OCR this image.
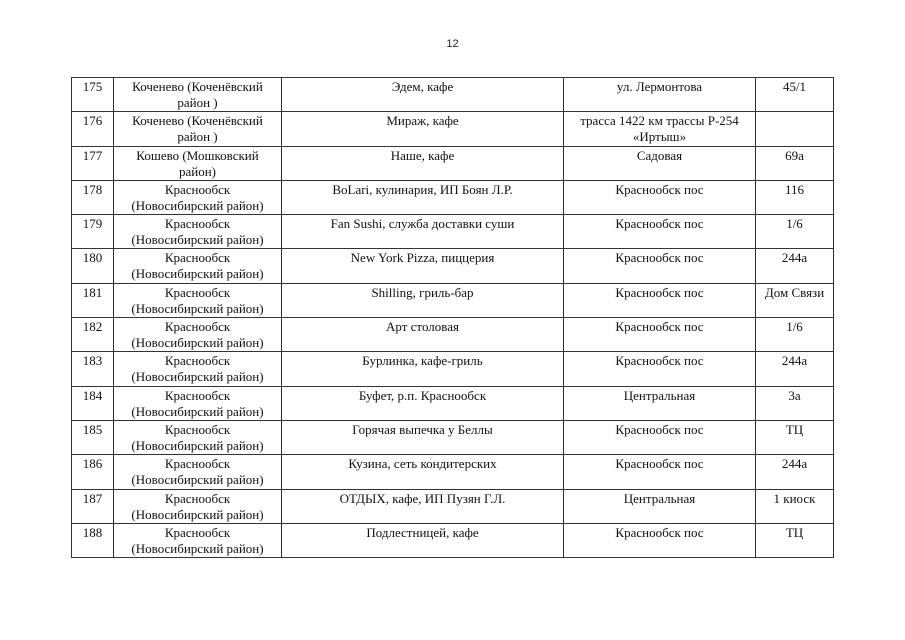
12
175	Коченево (Коченёвский район )	Эдем, кафе	ул. Лермонтова	45/1
176	Коченево (Коченёвский район )	Мираж, кафе	трасса 1422 км трассы Р-254 «Иртыш»	
177	Кошево (Мошковский район)	Наше, кафе	Садовая	69а
178	Краснообск (Новосибирский район)	BoLari, кулинария, ИП Боян Л.Р.	Краснообск пос	116
179	Краснообск (Новосибирский район)	Fan Sushi, служба доставки суши	Краснообск пос	1/6
180	Краснообск (Новосибирский район)	New York Pizza, пиццерия	Краснообск пос	244а
181	Краснообск (Новосибирский район)	Shilling, гриль-бар	Краснообск пос	Дом Связи
182	Краснообск (Новосибирский район)	Арт столовая	Краснообск пос	1/6
183	Краснообск (Новосибирский район)	Бурлинка, кафе-гриль	Краснообск пос	244а
184	Краснообск (Новосибирский район)	Буфет, р.п. Краснообск	Центральная	3а
185	Краснообск (Новосибирский район)	Горячая выпечка у Беллы	Краснообск пос	ТЦ
186	Краснообск (Новосибирский район)	Кузина, сеть кондитерских	Краснообск пос	244а
187	Краснообск (Новосибирский район)	ОТДЫХ, кафе, ИП Пузян Г.Л.	Центральная	1 киоск
188	Краснообск (Новосибирский район)	Подлестницей, кафе	Краснообск пос	ТЦ
